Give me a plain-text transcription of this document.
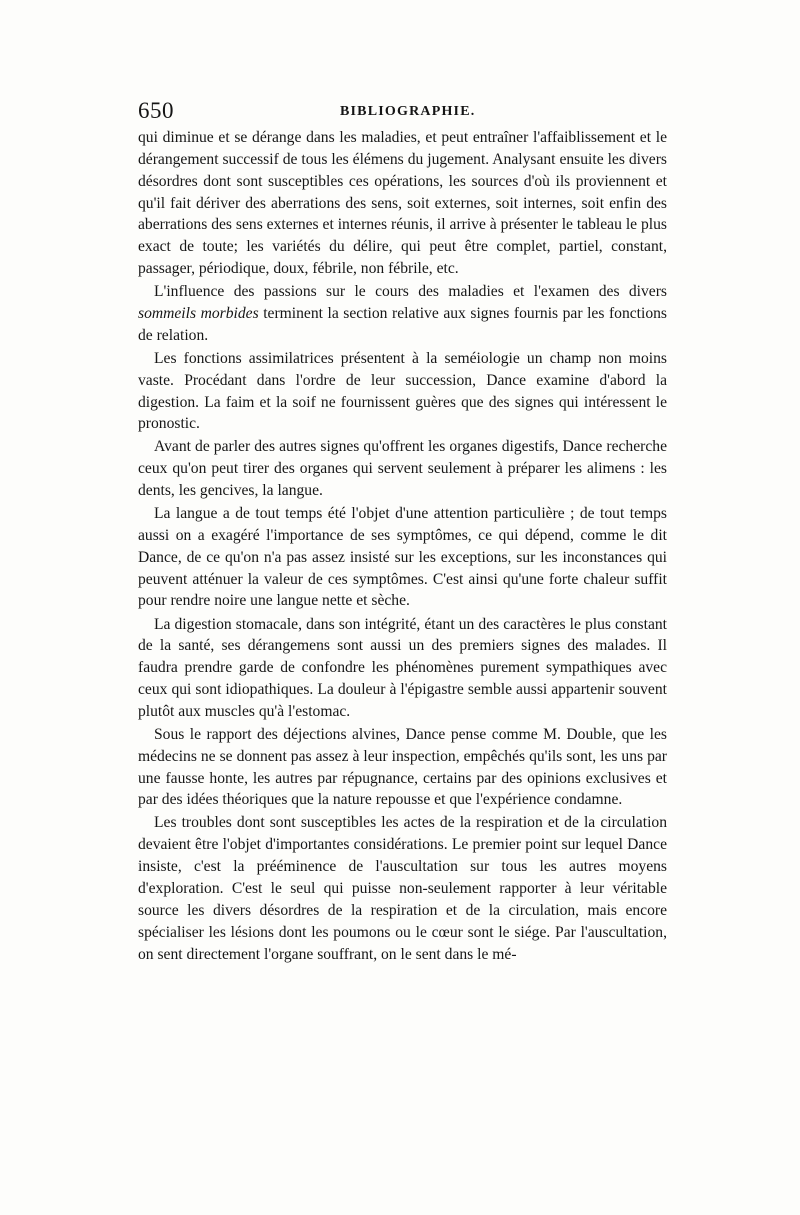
650	BIBLIOGRAPHIE.

qui diminue et se dérange dans les maladies, et peut entraîner l'affaiblissement et le dérangement successif de tous les élémens du jugement. Analysant ensuite les divers désordres dont sont susceptibles ces opérations, les sources d'où ils proviennent et qu'il fait dériver des aberrations des sens, soit externes, soit internes, soit enfin des aberrations des sens externes et internes réunis, il arrive à présenter le tableau le plus exact de toute; les variétés du délire, qui peut être complet, partiel, constant, passager, périodique, doux, fébrile, non fébrile, etc.

L'influence des passions sur le cours des maladies et l'examen des divers sommeils morbides terminent la section relative aux signes fournis par les fonctions de relation.

Les fonctions assimilatrices présentent à la seméiologie un champ non moins vaste. Procédant dans l'ordre de leur succession, Dance examine d'abord la digestion. La faim et la soif ne fournissent guères que des signes qui intéressent le pronostic.

Avant de parler des autres signes qu'offrent les organes digestifs, Dance recherche ceux qu'on peut tirer des organes qui servent seulement à préparer les alimens : les dents, les gencives, la langue.

La langue a de tout temps été l'objet d'une attention particulière ; de tout temps aussi on a exagéré l'importance de ses symptômes, ce qui dépend, comme le dit Dance, de ce qu'on n'a pas assez insisté sur les exceptions, sur les inconstances qui peuvent atténuer la valeur de ces symptômes. C'est ainsi qu'une forte chaleur suffit pour rendre noire une langue nette et sèche.

La digestion stomacale, dans son intégrité, étant un des caractères le plus constant de la santé, ses dérangemens sont aussi un des premiers signes des malades. Il faudra prendre garde de confondre les phénomènes purement sympathiques avec ceux qui sont idiopathiques. La douleur à l'épigastre semble aussi appartenir souvent plutôt aux muscles qu'à l'estomac.

Sous le rapport des déjections alvines, Dance pense comme M. Double, que les médecins ne se donnent pas assez à leur inspection, empêchés qu'ils sont, les uns par une fausse honte, les autres par répugnance, certains par des opinions exclusives et par des idées théoriques que la nature repousse et que l'expérience condamne.

Les troubles dont sont susceptibles les actes de la respiration et de la circulation devaient être l'objet d'importantes considérations. Le premier point sur lequel Dance insiste, c'est la prééminence de l'auscultation sur tous les autres moyens d'exploration. C'est le seul qui puisse non-seulement rapporter à leur véritable source les divers désordres de la respiration et de la circulation, mais encore spécialiser les lésions dont les poumons ou le cœur sont le siége. Par l'auscultation, on sent directement l'organe souffrant, on le sent dans le mé-
